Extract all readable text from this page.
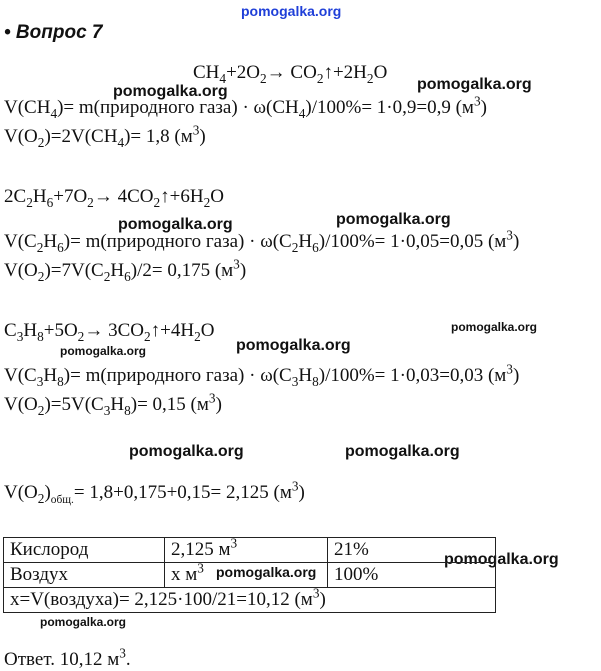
pomogalka.org
pomogalka.org	pomogalka.org
pomogalka.org	pomogalka.org
pomogalka.org
pomogalka.org	pomogalka.org
pomogalka.org	pomogalka.org
pomogalka.org
pomogalka.org
pomogalka.org
• Вопрос 7
$CH_4+2O_2\to$ $CO_2↑+2H_2O$
$V(CH_4)=$ m(природного газа) · $\omega(CH_4)/100\%= 1\cdot 0,9=0,9$ $(м^3)$
$V(O_2)=2V(CH_4)= 1,8$ $(м^3)$
$2C_2H_6+7O_2\to$ $4CO_2↑+6H_2O$
$V(C_2H_6)=$ m(природного газа) · $\omega(C_2H_6)/100\%= 1\cdot 0,05=0,05$ $(м^3)$
$V(O_2)=7V(C_2H_6)/2= 0,175$ $(м^3)$
$C_3H_8+5O_2\to$ $3CO_2↑+4H_2O$
$V(C_3H_8)=$ m(природного газа) · $\omega(C_3H_8)/100\%= 1\cdot 0,03=0,03$ $(м^3)$
$V(O_2)=5V(C_3H_8)= 0,15$ $(м^3)$
$V(O_2)_{общ.}= 1,8+0,175+0,15= 2,125$ $(м^3)$
Кислород	2,125 $м^3$	21%
Воздух	x $м^3$	100%
x=V(воздуха)= 2,125·100/21=10,12 $(м^3)$		
Ответ. 10,12 $м^3$.
